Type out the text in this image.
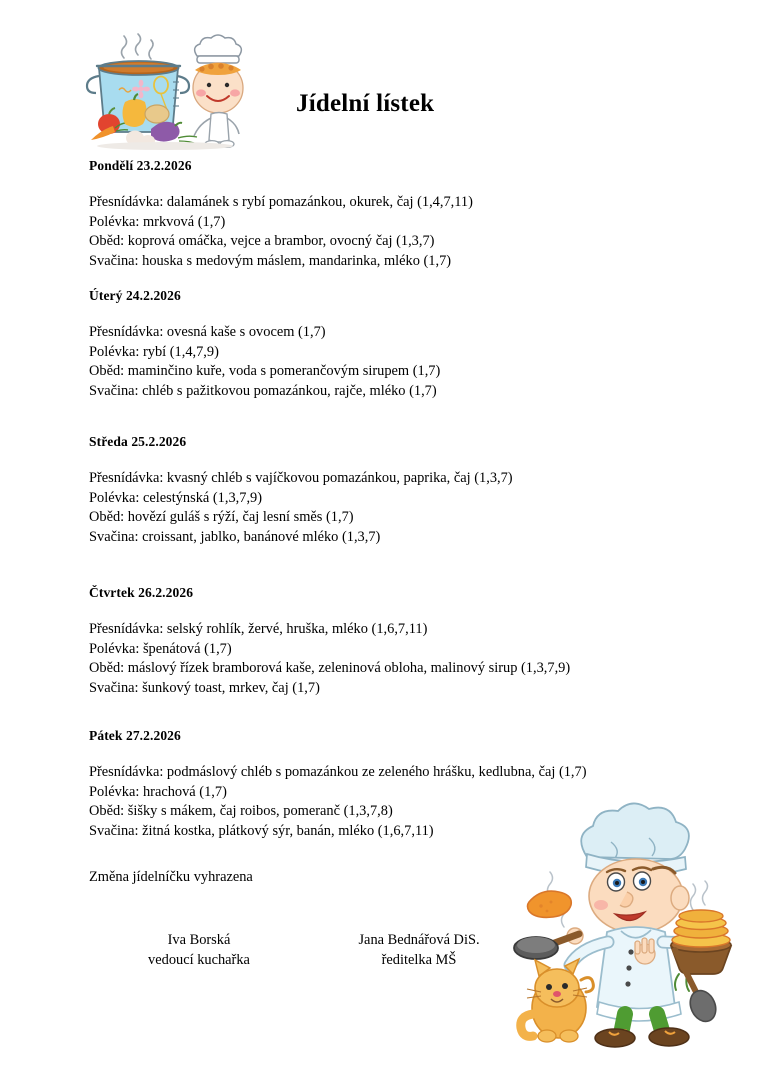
Jídelní lístek
Pondělí 23.2.2026
Přesnídávka: dalamánek s rybí pomazánkou, okurek, čaj (1,4,7,11)
Polévka: mrkvová (1,7)
Oběd: koprová omáčka, vejce a brambor, ovocný čaj (1,3,7)
Svačina: houska s medovým máslem, mandarinka, mléko (1,7)
Úterý 24.2.2026
Přesnídávka: ovesná kaše s ovocem (1,7)
Polévka: rybí (1,4,7,9)
Oběd: maminčino kuře, voda s pomerančovým sirupem (1,7)
Svačina: chléb s pažitkovou pomazánkou, rajče, mléko (1,7)
Středa 25.2.2026
Přesnídávka: kvasný chléb s vajíčkovou pomazánkou, paprika, čaj (1,3,7)
Polévka: celestýnská (1,3,7,9)
Oběd: hovězí guláš s rýží, čaj lesní směs (1,7)
Svačina: croissant, jablko, banánové mléko (1,3,7)
Čtvrtek 26.2.2026
Přesnídávka: selský rohlík, žervé, hruška, mléko (1,6,7,11)
Polévka: špenátová (1,7)
Oběd: máslový řízek bramborová kaše, zeleninová obloha, malinový sirup (1,3,7,9)
Svačina: šunkový toast, mrkev, čaj (1,7)
Pátek 27.2.2026
Přesnídávka: podmáslový chléb s pomazánkou ze zeleného hrášku, kedlubna, čaj (1,7)
Polévka: hrachová (1,7)
Oběd: šišky s mákem, čaj roibos, pomeranč (1,3,7,8)
Svačina: žitná kostka, plátkový sýr, banán, mléko (1,6,7,11)
Změna jídelníčku vyhrazena
Iva Borská
vedoucí kuchařka
Jana Bednářová DiS.
ředitelka MŠ
